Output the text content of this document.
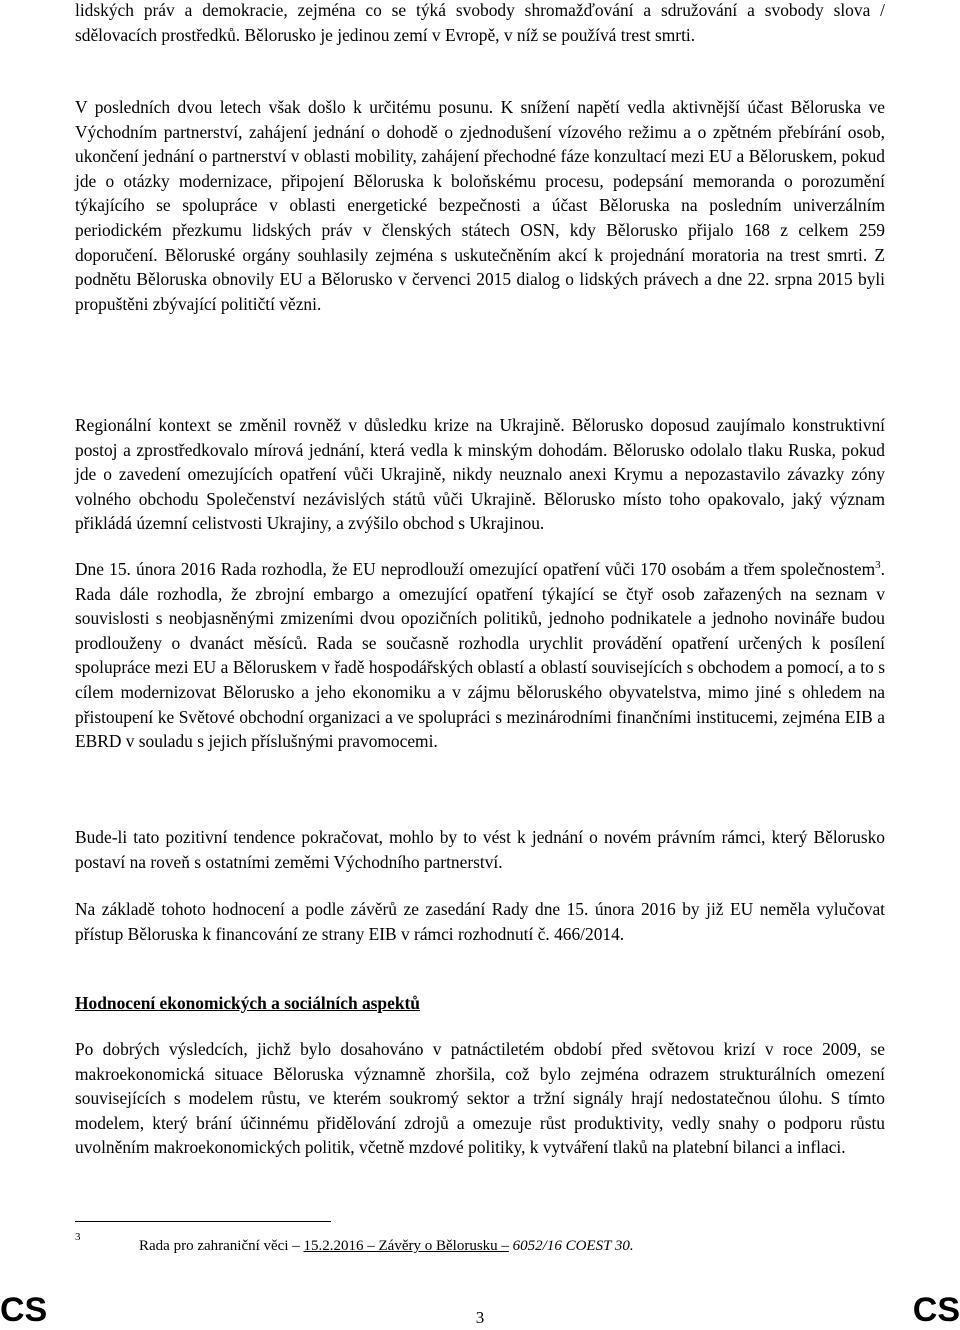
lidských práv a demokracie, zejména co se týká svobody shromažďování a sdružování a svobody slova / sdělovacích prostředků. Bělorusko je jedinou zemí v Evropě, v níž se používá trest smrti.

V posledních dvou letech však došlo k určitému posunu. K snížení napětí vedla aktivnější účast Běloruska ve Východním partnerství, zahájení jednání o dohodě o zjednodušení vízového režimu a o zpětném přebírání osob, ukončení jednání o partnerství v oblasti mobility, zahájení přechodné fáze konzultací mezi EU a Běloruskem, pokud jde o otázky modernizace, připojení Běloruska k boloňskému procesu, podepsání memoranda o porozumění týkajícího se spolupráce v oblasti energetické bezpečnosti a účast Běloruska na posledním univerzálním periodickém přezkumu lidských práv v členských státech OSN, kdy Bělorusko přijalo 168 z celkem 259 doporučení. Běloruské orgány souhlasily zejména s uskutečněním akcí k projednání moratoria na trest smrti. Z podnětu Běloruska obnovily EU a Bělorusko v červenci 2015 dialog o lidských právech a dne 22. srpna 2015 byli propuštěni zbývající političtí vězni.

Regionální kontext se změnil rovněž v důsledku krize na Ukrajině. Bělorusko doposud zaujímalo konstruktivní postoj a zprostředkovalo mírová jednání, která vedla k minským dohodám. Bělorusko odolalo tlaku Ruska, pokud jde o zavedení omezujících opatření vůči Ukrajině, nikdy neuznalo anexi Krymu a nepozastavilo závazky zóny volného obchodu Společenství nezávislých států vůči Ukrajině. Bělorusko místo toho opakovalo, jaký význam přikládá územní celistvosti Ukrajiny, a zvýšilo obchod s Ukrajinou.

Dne 15. února 2016 Rada rozhodla, že EU neprodlouží omezující opatření vůči 170 osobám a třem společnostem$^3$. Rada dále rozhodla, že zbrojní embargo a omezující opatření týkající se čtyř osob zařazených na seznam v souvislosti s neobjasněnými zmizeními dvou opozičních politiků, jednoho podnikatele a jednoho novináře budou prodlouženy o dvanáct měsíců. Rada se současně rozhodla urychlit provádění opatření určených k posílení spolupráce mezi EU a Běloruskem v řadě hospodářských oblastí a oblastí souvisejících s obchodem a pomocí, a to s cílem modernizovat Bělorusko a jeho ekonomiku a v zájmu běloruského obyvatelstva, mimo jiné s ohledem na přistoupení ke Světové obchodní organizaci a ve spolupráci s mezinárodními finančními institucemi, zejména EIB a EBRD v souladu s jejich příslušnými pravomocemi.

Bude-li tato pozitivní tendence pokračovat, mohlo by to vést k jednání o novém právním rámci, který Bělorusko postaví na roveň s ostatními zeměmi Východního partnerství.

Na základě tohoto hodnocení a podle závěrů ze zasedání Rady dne 15. února 2016 by již EU neměla vylučovat přístup Běloruska k financování ze strany EIB v rámci rozhodnutí č. 466/2014.

Hodnocení ekonomických a sociálních aspektů

Po dobrých výsledcích, jichž bylo dosahováno v patnáctiletém období před světovou krizí v roce 2009, se makroekonomická situace Běloruska významně zhoršila, což bylo zejména odrazem strukturálních omezení souvisejících s modelem růstu, ve kterém soukromý sektor a tržní signály hrají nedostatečnou úlohu. S tímto modelem, který brání účinnému přidělování zdrojů a omezuje růst produktivity, vedly snahy o podporu růstu uvolněním makroekonomických politik, včetně mzdové politiky, k vytváření tlaků na platební bilanci a inflaci.

3
Rada pro zahraniční věci – 15.2.2016 – Závěry o Bělorusku – 6052/16 COEST 30.
CS	3	CS
